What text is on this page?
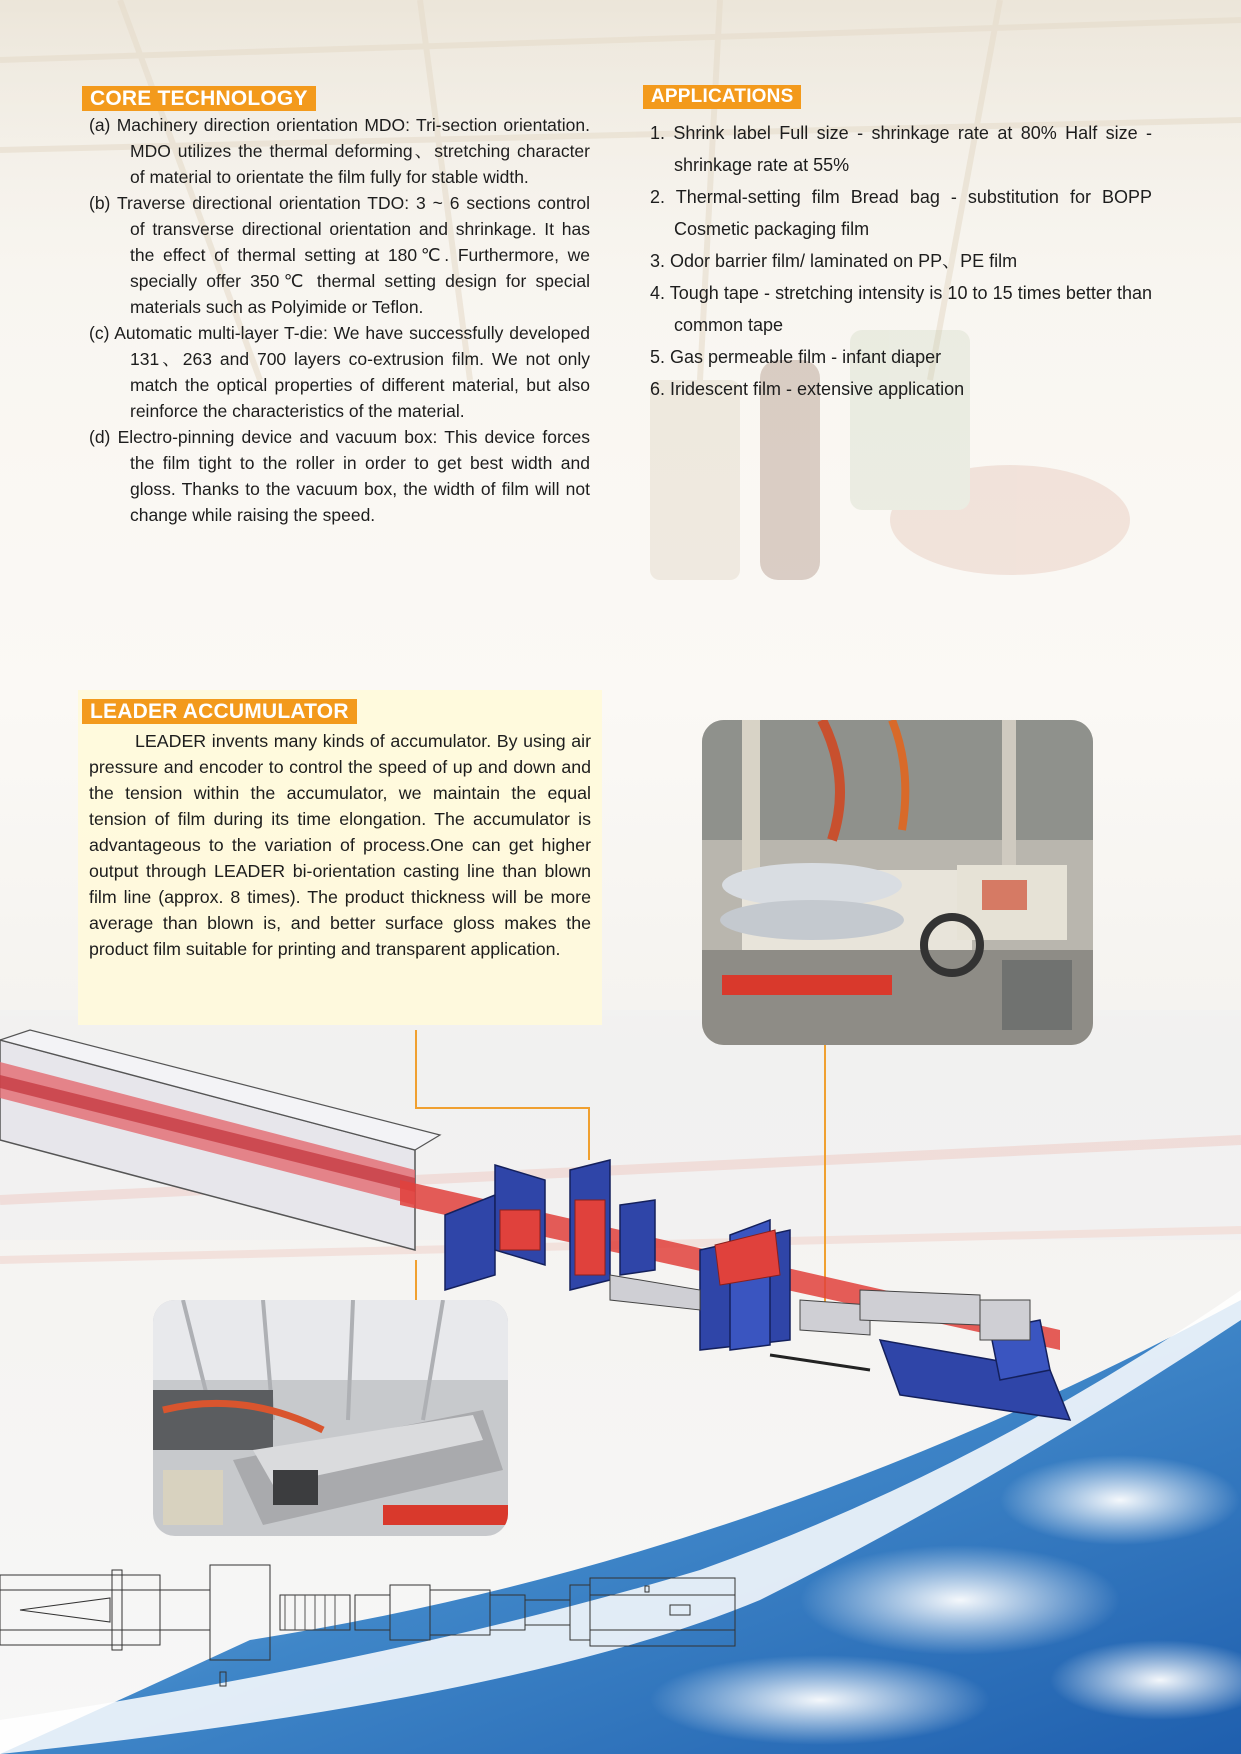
CORE TECHNOLOGY
(a) Machinery direction orientation MDO: Tri-section orientation. MDO utilizes the thermal deforming、stretching character of material to orientate the film fully for stable width.
(b) Traverse directional orientation TDO: 3 ~ 6 sections control of transverse directional orientation and shrinkage. It has the effect of thermal setting at 180℃. Furthermore, we specially offer 350℃ thermal setting design for special materials such as Polyimide or Teflon.
(c) Automatic multi-layer T-die: We have successfully developed 131、263 and 700 layers co-extrusion film. We not only match the optical properties of different material, but also reinforce the characteristics of the material.
(d) Electro-pinning device and vacuum box: This device forces the film tight to the roller in order to get best width and gloss. Thanks to the vacuum box, the width of film will not change while raising the speed.
APPLICATIONS
1. Shrink label Full size - shrinkage rate at 80% Half size - shrinkage rate at 55%
2. Thermal-setting film Bread bag - substitution for BOPP Cosmetic packaging film
3. Odor barrier film/ laminated on PP、PE film
4. Tough tape - stretching intensity is 10 to 15 times better than common tape
5. Gas permeable film - infant diaper
6. Iridescent film - extensive application
LEADER ACCUMULATOR
LEADER invents many kinds of accumulator. By using air pressure and encoder to control the speed of up and down and the tension within the accumulator, we maintain the equal tension of film during its time elongation. The accumulator is advantageous to the variation of process.One can get higher output through LEADER bi-orientation casting line than blown film line (approx. 8 times). The product thickness will be more average than blown is, and better surface gloss makes the product film suitable for printing and transparent application.
